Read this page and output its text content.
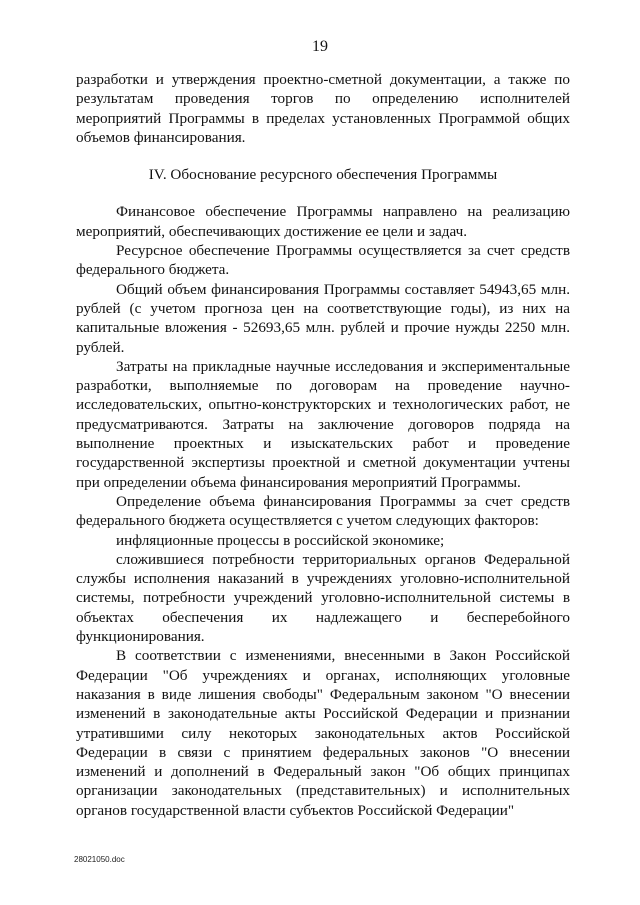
19

разработки и утверждения проектно-сметной документации, а также по результатам проведения торгов по определению исполнителей мероприятий Программы в пределах установленных Программой общих объемов финансирования.

IV. Обоснование ресурсного обеспечения Программы

Финансовое обеспечение Программы направлено на реализацию мероприятий, обеспечивающих достижение ее цели и задач.

Ресурсное обеспечение Программы осуществляется за счет средств федерального бюджета.

Общий объем финансирования Программы составляет 54943,65 млн. рублей (с учетом прогноза цен на соответствующие годы), из них на капитальные вложения - 52693,65 млн. рублей и прочие нужды 2250 млн. рублей.

Затраты на прикладные научные исследования и экспериментальные разработки, выполняемые по договорам на проведение научно-исследовательских, опытно-конструкторских и технологических работ, не предусматриваются. Затраты на заключение договоров подряда на выполнение проектных и изыскательских работ и проведение государственной экспертизы проектной и сметной документации учтены при определении объема финансирования мероприятий Программы.

Определение объема финансирования Программы за счет средств федерального бюджета осуществляется с учетом следующих факторов:

инфляционные процессы в российской экономике;

сложившиеся потребности территориальных органов Федеральной службы исполнения наказаний в учреждениях уголовно-исполнительной системы, потребности учреждений уголовно-исполнительной системы в объектах обеспечения их надлежащего и бесперебойного функционирования.

В соответствии с изменениями, внесенными в Закон Российской Федерации "Об учреждениях и органах, исполняющих уголовные наказания в виде лишения свободы" Федеральным законом "О внесении изменений в законодательные акты Российской Федерации и признании утратившими силу некоторых законодательных актов Российской Федерации в связи с принятием федеральных законов "О внесении изменений и дополнений в Федеральный закон "Об общих принципах организации законодательных (представительных) и исполнительных органов государственной власти субъектов Российской Федерации"

28021050.doc
